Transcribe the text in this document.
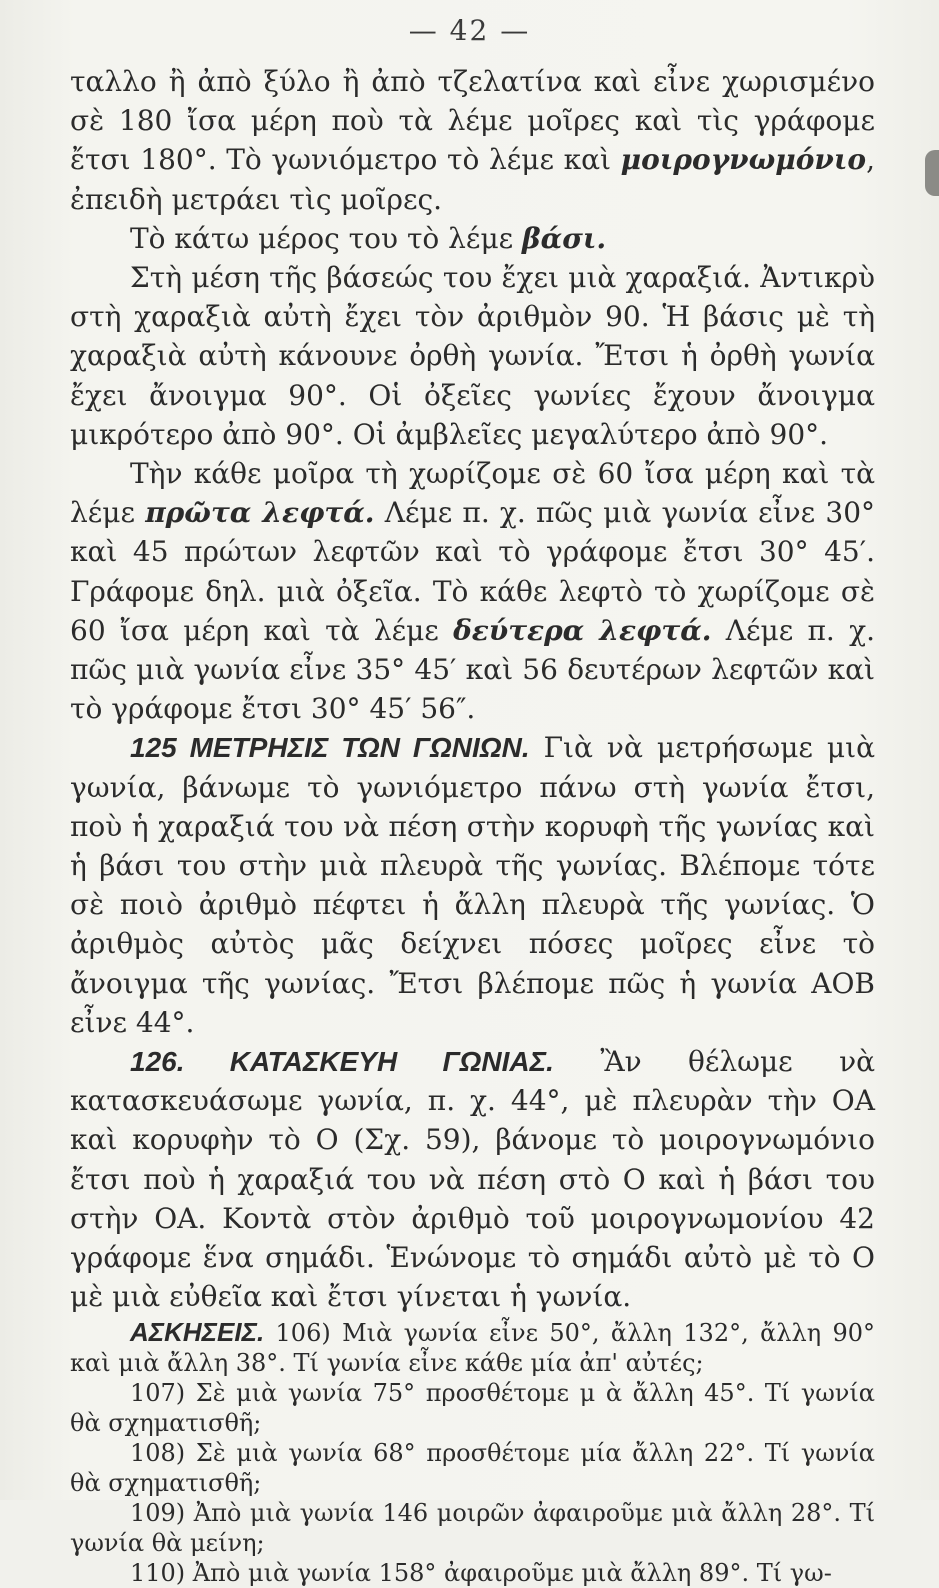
— 42 —

ταλλο ἢ ἀπὸ ξύλο ἢ ἀπὸ τζελατίνα καὶ εἶνε χωρισμένο σὲ 180 ἴσα μέρη ποὺ τὰ λέμε μοῖρες καὶ τὶς γράφομε ἔτσι 180°. Τὸ γωνιόμετρο τὸ λέμε καὶ μοιρογνωμόνιο, ἐπειδὴ μετράει τὶς μοῖρες.

Τὸ κάτω μέρος του τὸ λέμε βάσι.

Στὴ μέση τῆς βάσεώς του ἔχει μιὰ χαραξιά. Ἀντικρὺ στὴ χαραξιὰ αὐτὴ ἔχει τὸν ἀριθμὸν 90. Ἡ βάσις μὲ τὴ χαραξιὰ αὐτὴ κάνουνε ὀρθὴ γωνία. Ἔτσι ἡ ὀρθὴ γωνία ἔχει ἄνοιγμα 90°. Οἱ ὀξεῖες γωνίες ἔχουν ἄνοιγμα μικρότερο ἀπὸ 90°. Οἱ ἀμβλεῖες μεγαλύτερο ἀπὸ 90°.

Τὴν κάθε μοῖρα τὴ χωρίζομε σὲ 60 ἴσα μέρη καὶ τὰ λέμε πρῶτα λεφτά. Λέμε π. χ. πῶς μιὰ γωνία εἶνε 30° καὶ 45 πρώτων λεφτῶν καὶ τὸ γράφομε ἔτσι 30° 45′. Γράφομε δηλ. μιὰ ὀξεῖα. Τὸ κάθε λεφτὸ τὸ χωρίζομε σὲ 60 ἴσα μέρη καὶ τὰ λέμε δεύτερα λεφτά. Λέμε π. χ. πῶς μιὰ γωνία εἶνε 35° 45′ καὶ 56 δευτέρων λεφτῶν καὶ τὸ γράφομε ἔτσι 30° 45′ 56″.

125 ΜΕΤΡΗΣΙΣ ΤΩΝ ΓΩΝΙΩΝ. Γιὰ νὰ μετρήσωμε μιὰ γωνία, βάνωμε τὸ γωνιόμετρο πάνω στὴ γωνία ἔτσι, ποὺ ἡ χαραξιά του νὰ πέση στὴν κορυφὴ τῆς γωνίας καὶ ἡ βάσι του στὴν μιὰ πλευρὰ τῆς γωνίας. Βλέπομε τότε σὲ ποιὸ ἀριθμὸ πέφτει ἡ ἄλλη πλευρὰ τῆς γωνίας. Ὁ ἀριθμὸς αὐτὸς μᾶς δείχνει πόσες μοῖρες εἶνε τὸ ἄνοιγμα τῆς γωνίας. Ἔτσι βλέπομε πῶς ἡ γωνία ΑΟΒ εἶνε 44°.

126. ΚΑΤΑΣΚΕΥΗ ΓΩΝΙΑΣ. Ἂν θέλωμε νὰ κατασκευάσωμε γωνία, π. χ. 44°, μὲ πλευρὰν τὴν ΟΑ καὶ κορυφὴν τὸ Ο (Σχ. 59), βάνομε τὸ μοιρογνωμόνιο ἔτσι ποὺ ἡ χαραξιά του νὰ πέση στὸ Ο καὶ ἡ βάσι του στὴν ΟΑ. Κοντὰ στὸν ἀριθμὸ τοῦ μοιρογνωμονίου 42 γράφομε ἕνα σημάδι. Ἑνώνομε τὸ σημάδι αὐτὸ μὲ τὸ Ο μὲ μιὰ εὐθεῖα καὶ ἔτσι γίνεται ἡ γωνία.

ΑΣΚΗΣΕΙΣ. 106) Μιὰ γωνία εἶνε 50°, ἄλλη 132°, ἄλλη 90° καὶ μιὰ ἄλλη 38°. Τί γωνία εἶνε κάθε μία ἀπ' αὐτές;

107) Σὲ μιὰ γωνία 75° προσθέτομε μ ὰ ἄλλη 45°. Τί γωνία θὰ σχηματισθῆ;

108) Σὲ μιὰ γωνία 68° προσθέτομε μία ἄλλη 22°. Τί γωνία θὰ σχηματισθῆ;

109) Ἀπὸ μιὰ γωνία 146 μοιρῶν ἀφαιροῦμε μιὰ ἄλλη 28°. Τί γωνία θὰ μείνη;

110) Ἀπὸ μιὰ γωνία 158° ἀφαιροῦμε μιὰ ἄλλη 89°. Τί γω-
